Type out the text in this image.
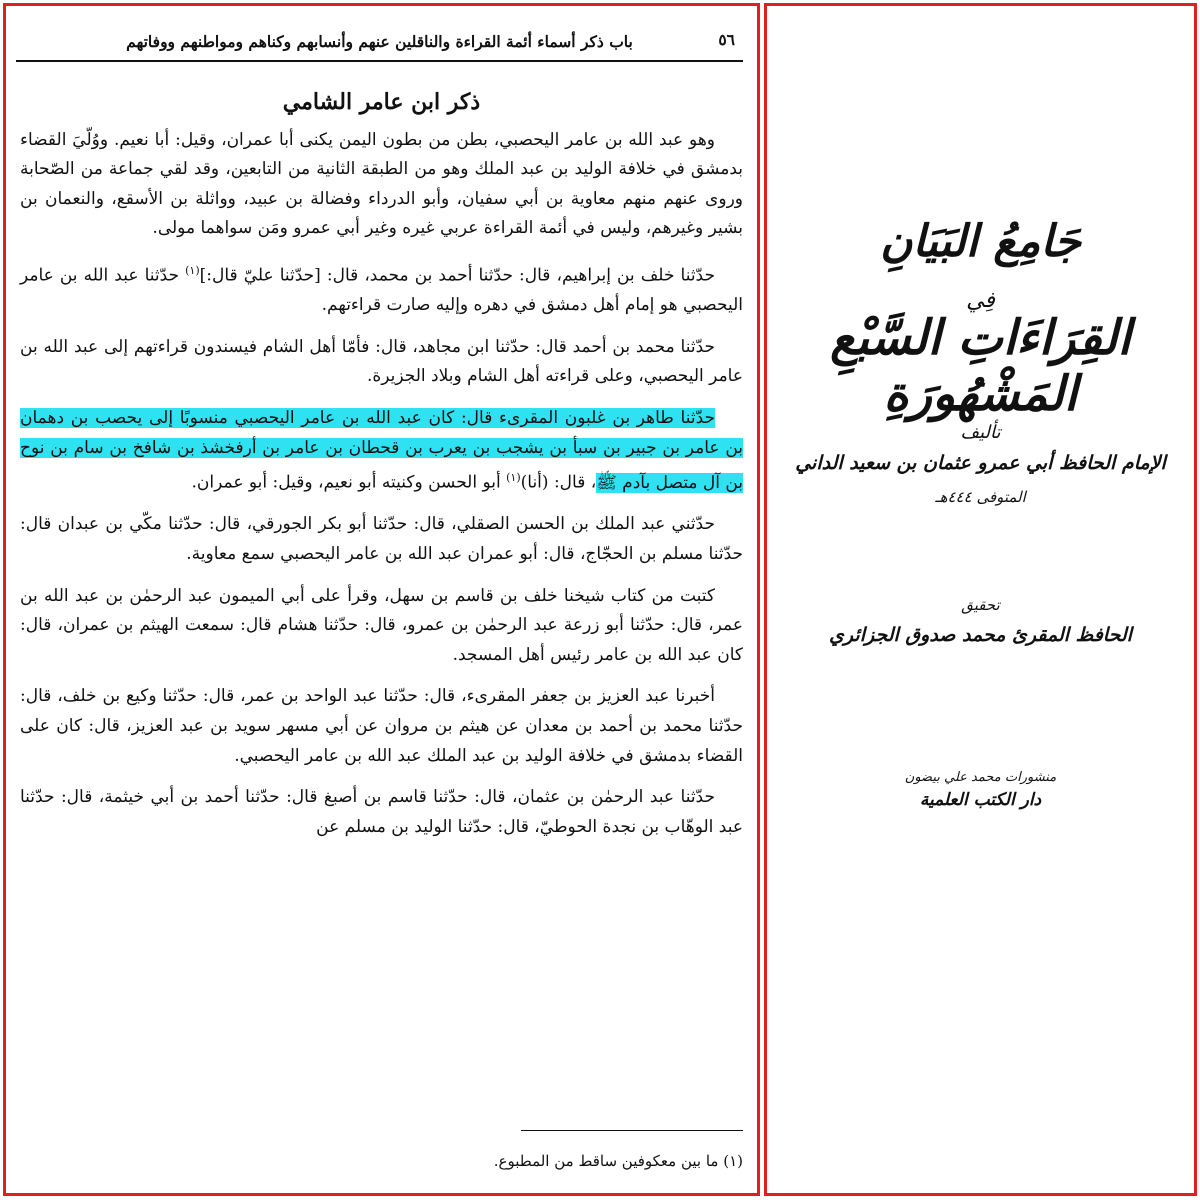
٥٦
باب ذكر أسماء أئمة القراءة والناقلين عنهم وأنسابهم وكناهم ومواطنهم ووفاتهم
ذكر ابن عامر الشامي

وهو عبد الله بن عامر اليحصبي، بطن من بطون اليمن يكنى أبا عمران، وقيل: أبا نعيم. ووُلّيَ القضاء بدمشق في خلافة الوليد بن عبد الملك وهو من الطبقة الثانية من التابعين، وقد لقي جماعة من الصّحابة وروى عنهم منهم معاوية بن أبي سفيان، وأبو الدرداء وفضالة بن عبيد، وواثلة بن الأسقع، والنعمان بن بشير وغيرهم، وليس في أئمة القراءة عربي غيره وغير أبي عمرو ومَن سواهما مولى.

حدّثنا خلف بن إبراهيم، قال: حدّثنا أحمد بن محمد، قال: [حدّثنا عليّ قال:]$^{(١)}$ حدّثنا عبد الله بن عامر اليحصبي هو إمام أهل دمشق في دهره وإليه صارت قراءتهم.

حدّثنا محمد بن أحمد قال: حدّثنا ابن مجاهد، قال: فأمّا أهل الشام فيسندون قراءتهم إلى عبد الله بن عامر اليحصبي، وعلى قراءته أهل الشام وبلاد الجزيرة.

حدّثنا طاهر بن غلبون المقرىء قال: كان عبد الله بن عامر اليحصبي منسوبًا إلى يحصب بن دهمان بن عامر بن جبير بن سبأ بن يشجب بن يعرب بن قحطان بن عامر بن أرفخشذ بن شافخ بن سام بن نوح بن آل متصل بآدم ﷺ، قال: (أنا)$^{(١)}$ أبو الحسن وكنيته أبو نعيم، وقيل: أبو عمران.

حدّثني عبد الملك بن الحسن الصقلي، قال: حدّثنا أبو بكر الجورقي، قال: حدّثنا مكّي بن عبدان قال: حدّثنا مسلم بن الحجّاج، قال: أبو عمران عبد الله بن عامر اليحصبي سمع معاوية.

كتبت من كتاب شيخنا خلف بن قاسم بن سهل، وقرأ على أبي الميمون عبد الرحمٰن بن عبد الله بن عمر، قال: حدّثنا أبو زرعة عبد الرحمٰن بن عمرو، قال: حدّثنا هشام قال: سمعت الهيثم بن عمران، قال: كان عبد الله بن عامر رئيس أهل المسجد.

أخبرنا عبد العزيز بن جعفر المقرىء، قال: حدّثنا عبد الواحد بن عمر، قال: حدّثنا وكيع بن خلف، قال: حدّثنا محمد بن أحمد بن معدان عن هيثم بن مروان عن أبي مسهر سويد بن عبد العزيز، قال: كان على القضاء بدمشق في خلافة الوليد بن عبد الملك عبد الله بن عامر اليحصبي.

حدّثنا عبد الرحمٰن بن عثمان، قال: حدّثنا قاسم بن أصبغ قال: حدّثنا أحمد بن أبي خيثمة، قال: حدّثنا عبد الوهّاب بن نجدة الحوطيّ، قال: حدّثنا الوليد بن مسلم عن

(١) ما بين معكوفين ساقط من المطبوع.
جَامِعُ البَيَانِ
فِي
القِرَاءَاتِ السَّبْعِ المَشْهُورَةِ
تأليف
الإمام الحافظ أبي عمرو عثمان بن سعيد الداني
المتوفى ٤٤٤هـ
تحقيق
الحافظ المقرئ محمد صدوق الجزائري
منشورات محمد علي بيضون
دار الكتب العلمية
